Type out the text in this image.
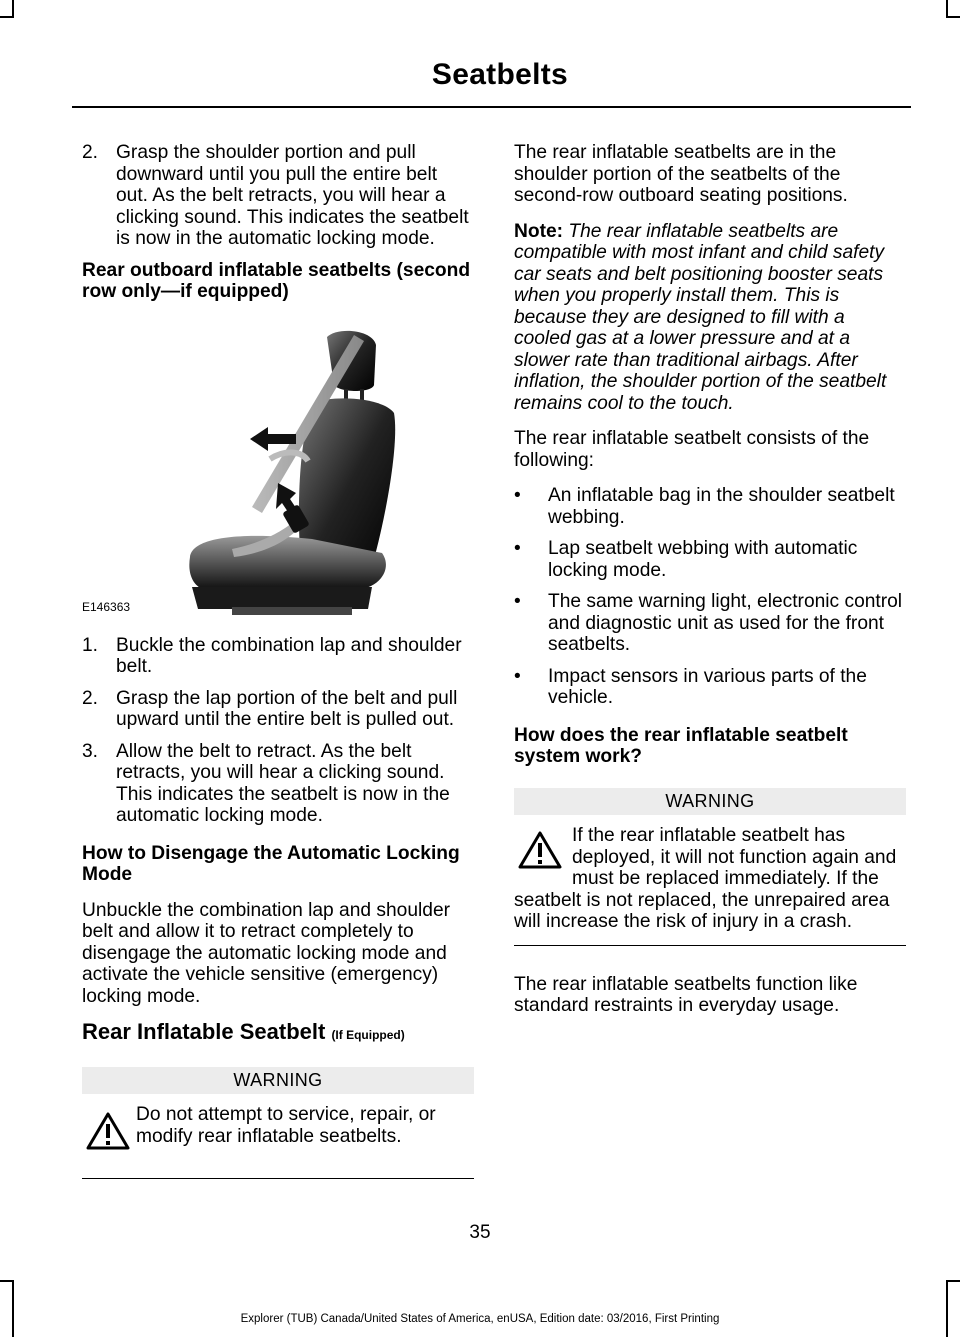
Seatbelts
2. Grasp the shoulder portion and pull downward until you pull the entire belt out. As the belt retracts, you will hear a clicking sound. This indicates the seatbelt is now in the automatic locking mode.
Rear outboard inflatable seatbelts (second row only—if equipped)
E146363
1. Buckle the combination lap and shoulder belt.
2. Grasp the lap portion of the belt and pull upward until the entire belt is pulled out.
3. Allow the belt to retract. As the belt retracts, you will hear a clicking sound. This indicates the seatbelt is now in the automatic locking mode.
How to Disengage the Automatic Locking Mode

Unbuckle the combination lap and shoulder belt and allow it to retract completely to disengage the automatic locking mode and activate the vehicle sensitive (emergency) locking mode.

Rear Inflatable Seatbelt (If Equipped)
WARNING
Do not attempt to service, repair, or modify rear inflatable seatbelts.

The rear inflatable seatbelts are in the shoulder portion of the seatbelts of the second-row outboard seating positions.

Note: The rear inflatable seatbelts are compatible with most infant and child safety car seats and belt positioning booster seats when you properly install them. This is because they are designed to fill with a cooled gas at a lower pressure and at a slower rate than traditional airbags. After inflation, the shoulder portion of the seatbelt remains cool to the touch.

The rear inflatable seatbelt consists of the following:

•	An inflatable bag in the shoulder seatbelt webbing.
•	Lap seatbelt webbing with automatic locking mode.
•	The same warning light, electronic control and diagnostic unit as used for the front seatbelts.
•	Impact sensors in various parts of the vehicle.
How does the rear inflatable seatbelt system work?
WARNING
If the rear inflatable seatbelt has deployed, it will not function again and must be replaced immediately. If the seatbelt is not replaced, the unrepaired area will increase the risk of injury in a crash.

The rear inflatable seatbelts function like standard restraints in everyday usage.

35
Explorer (TUB) Canada/United States of America, enUSA, Edition date: 03/2016, First Printing
